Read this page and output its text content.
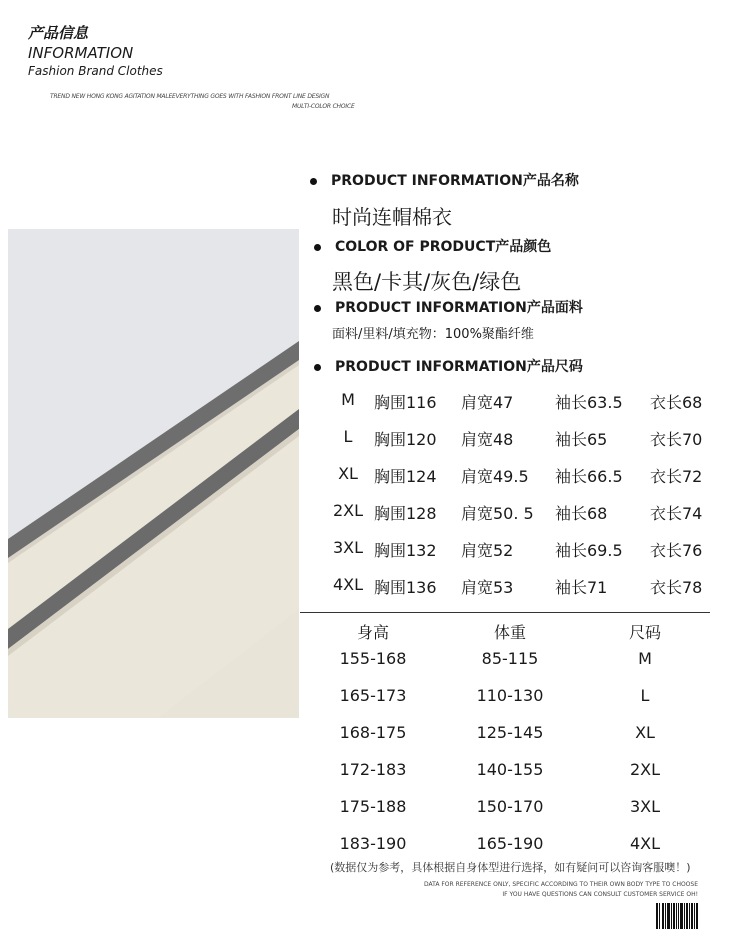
产品信息
INFORMATION
Fashion Brand Clothes
TREND NEW HONG KONG AGITATION MALEEVERYTHING GOES WITH FASHION FRONT LINE DESIGN
MULTI-COLOR CHOICE
PRODUCT INFORMATION产品名称
时尚连帽棉衣
COLOR OF PRODUCT产品颜色
黑色/卡其/灰色/绿色
PRODUCT INFORMATION产品面料
面料/里料/填充物：100%聚酯纤维
PRODUCT INFORMATION产品尺码
M	胸围116 肩宽47	袖长63.5 衣长68
L	胸围120 肩宽48	袖长65	衣长70
XL	胸围124 肩宽49.5 袖长66.5 衣长72
2XL 胸围128 肩宽50. 5 袖长68	衣长74
3XL 胸围132 肩宽52	袖长69.5 衣长76
4XL 胸围136 肩宽53	袖长71	衣长78
身高	体重	尺码
155-168	85-115	M
165-173	110-130	L
168-175	125-145	XL
172-183	140-155	2XL
175-188	150-170	3XL
183-190	165-190	4XL
(数据仅为参考，具体根据自身体型进行选择，如有疑问可以咨询客服噢！)
DATA FOR REFERENCE ONLY, SPECIFIC ACCORDING TO THEIR OWN BODY TYPE TO CHOOSE
IF YOU HAVE QUESTIONS CAN CONSULT CUSTOMER SERVICE OH!
